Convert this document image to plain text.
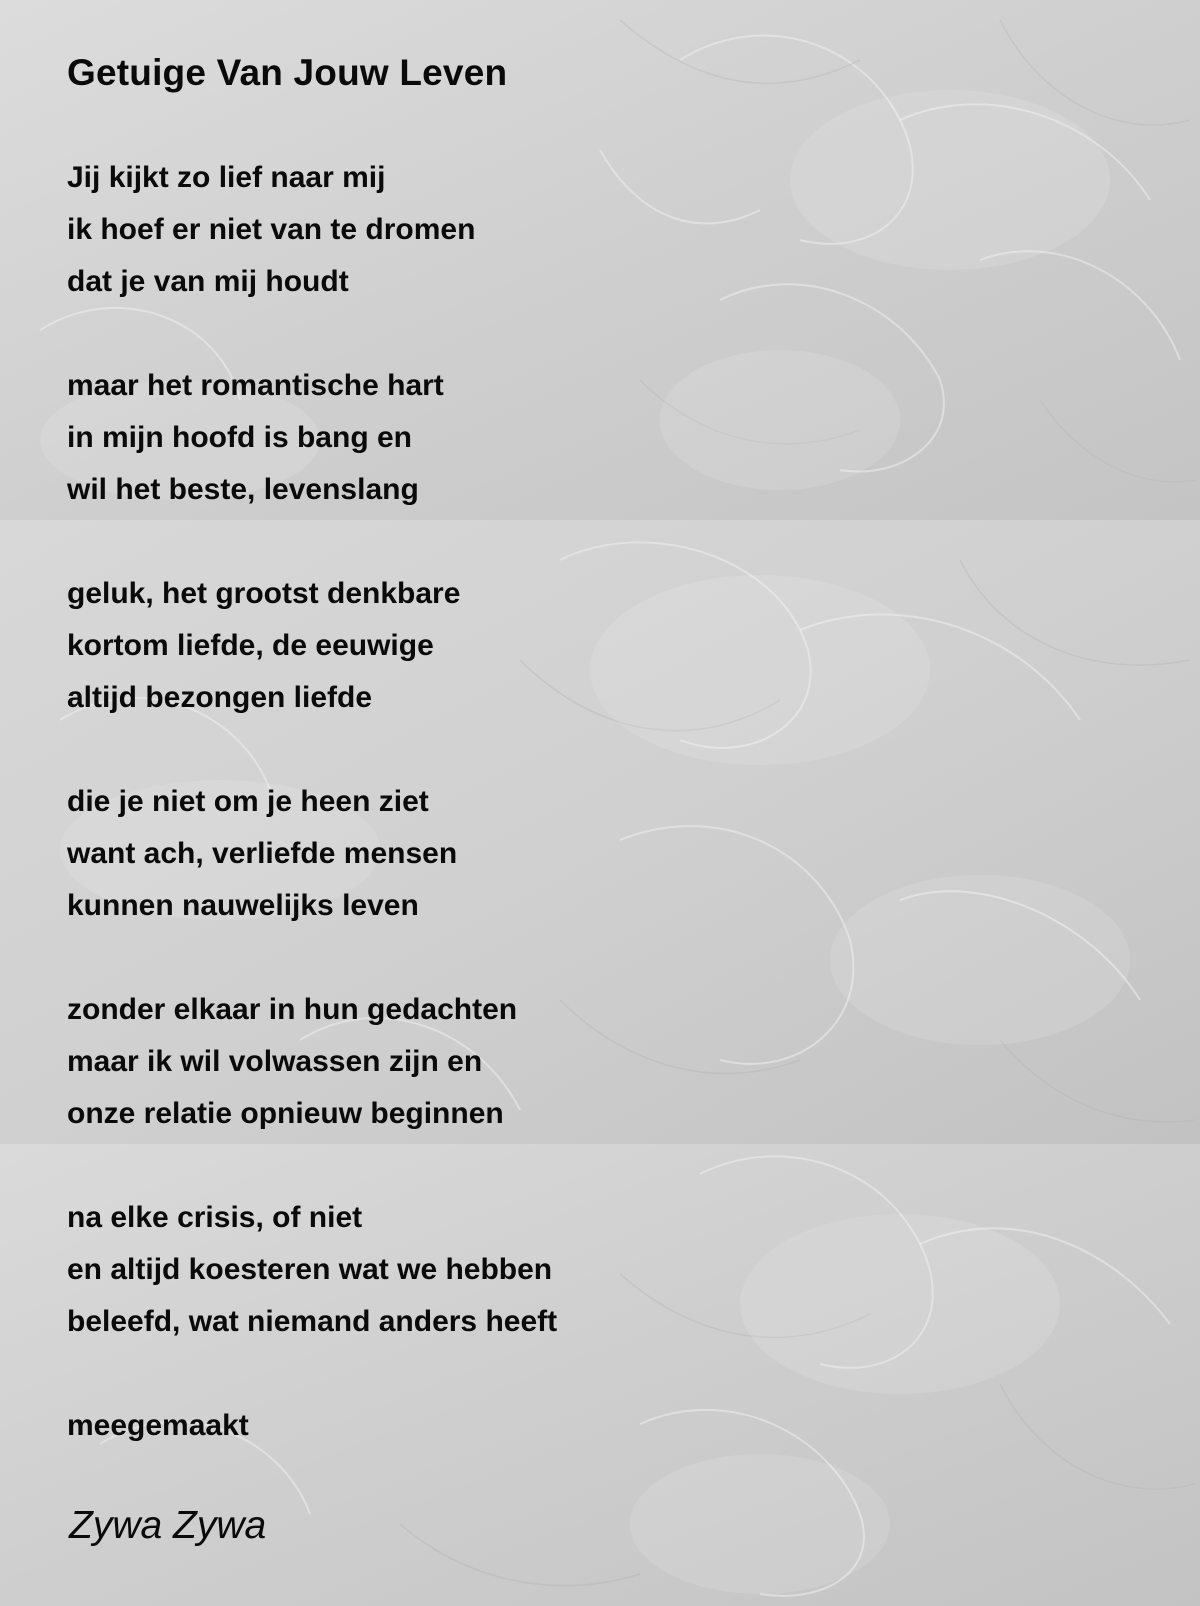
Getuige Van Jouw Leven
Jij kijkt zo lief naar mij
ik hoef er niet van te dromen
dat je van mij houdt
maar het romantische hart
in mijn hoofd is bang en
wil het beste, levenslang
geluk, het grootst denkbare
kortom liefde, de eeuwige
altijd bezongen liefde
die je niet om je heen ziet
want ach, verliefde mensen
kunnen nauwelijks leven
zonder elkaar in hun gedachten
maar ik wil volwassen zijn en
onze relatie opnieuw beginnen
na elke crisis, of niet
en altijd koesteren wat we hebben
beleefd, wat niemand anders heeft
meegemaakt
Zywa Zywa
